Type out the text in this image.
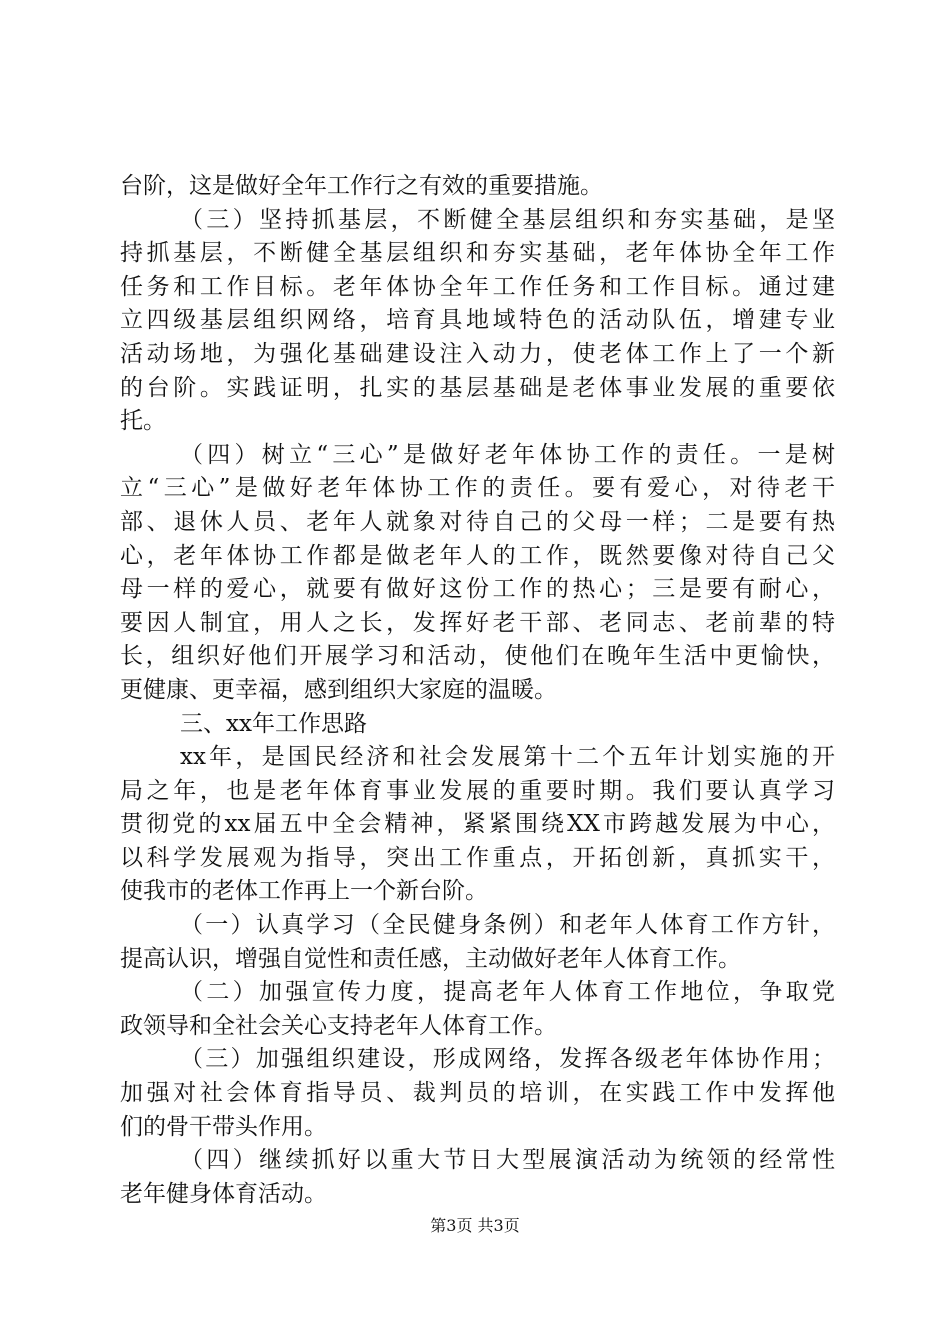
台阶，这是做好全年工作行之有效的重要措施。
（三）坚持抓基层，不断健全基层组织和夯实基础，是坚
持抓基层，不断健全基层组织和夯实基础，老年体协全年工作
任务和工作目标。老年体协全年工作任务和工作目标。通过建
立四级基层组织网络，培育具地域特色的活动队伍，增建专业
活动场地，为强化基础建设注入动力，使老体工作上了一个新
的台阶。实践证明，扎实的基层基础是老体事业发展的重要依
托。
（四）树立“三心”是做好老年体协工作的责任。一是树
立“三心”是做好老年体协工作的责任。要有爱心，对待老干
部、退休人员、老年人就象对待自己的父母一样；二是要有热
心，老年体协工作都是做老年人的工作，既然要像对待自己父
母一样的爱心，就要有做好这份工作的热心；三是要有耐心，
要因人制宜，用人之长，发挥好老干部、老同志、老前辈的特
长，组织好他们开展学习和活动，使他们在晚年生活中更愉快，
更健康、更幸福，感到组织大家庭的温暖。
三、xx年工作思路
xx年，是国民经济和社会发展第十二个五年计划实施的开
局之年，也是老年体育事业发展的重要时期。我们要认真学习
贯彻党的xx届五中全会精神，紧紧围绕XX市跨越发展为中心，
以科学发展观为指导，突出工作重点，开拓创新，真抓实干，
使我市的老体工作再上一个新台阶。
（一）认真学习（全民健身条例）和老年人体育工作方针，
提高认识，增强自觉性和责任感，主动做好老年人体育工作。
（二）加强宣传力度，提高老年人体育工作地位，争取党
政领导和全社会关心支持老年人体育工作。
（三）加强组织建设，形成网络，发挥各级老年体协作用；
加强对社会体育指导员、裁判员的培训，在实践工作中发挥他
们的骨干带头作用。
（四）继续抓好以重大节日大型展演活动为统领的经常性
老年健身体育活动。
第3页 共3页
